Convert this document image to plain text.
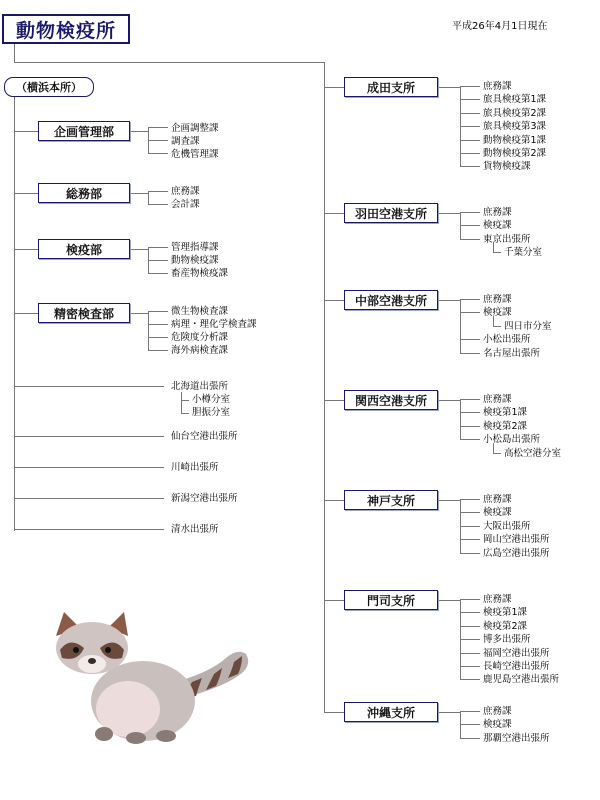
動物検疫所	平成26年4月1日現在
（横浜本所）
企画管理部
総務部
検疫部
精密検査部
企画調整課
調査課
危機管理課
庶務課
会計課
管理指導課
動物検疫課
畜産物検疫課
微生物検査課
病理・理化学検査課
危険度分析課
海外病検査課
北海道出張所
小樽分室
胆振分室
仙台空港出張所
川崎出張所
新潟空港出張所
清水出張所
成田支所
羽田空港支所
中部空港支所
関西空港支所
神戸支所
門司支所
沖縄支所
庶務課
旅具検疫第1課
旅具検疫第2課
旅具検疫第3課
動物検疫第1課
動物検疫第2課
貨物検疫課
庶務課
検疫課
東京出張所
千葉分室
庶務課
検疫課
四日市分室
小松出張所
名古屋出張所
庶務課
検疫第1課
検疫第2課
小松島出張所
高松空港分室
庶務課
検疫課
大阪出張所
岡山空港出張所
広島空港出張所
庶務課
検疫第1課
検疫第2課
博多出張所
福岡空港出張所
長崎空港出張所
鹿児島空港出張所
庶務課
検疫課
那覇空港出張所
